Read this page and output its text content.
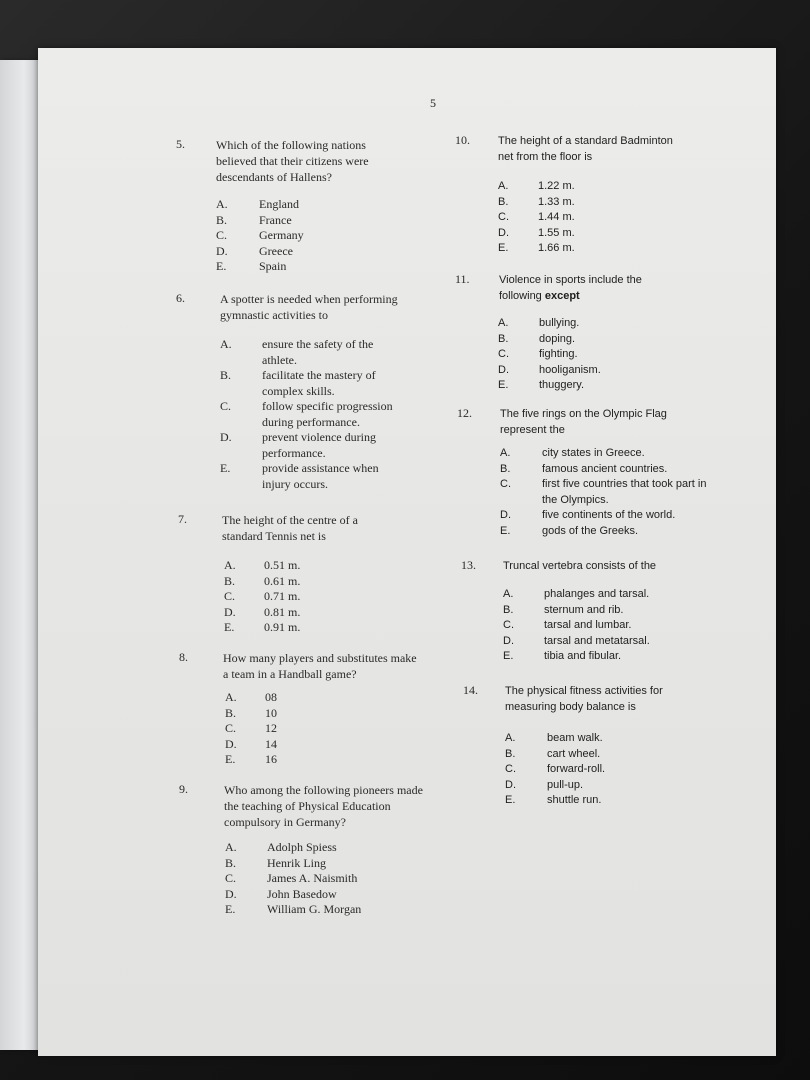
5
5.	Which of the following nations believed that their citizens were descendants of Hallens?
A.	England
B.	France
C.	Germany
D.	Greece
E.	Spain
6.	A spotter is needed when performing gymnastic activities to
A.	ensure the safety of the athlete.
B.	facilitate the mastery of complex skills.
C.	follow specific progression during performance.
D.	prevent violence during performance.
E.	provide assistance when injury occurs.
7.	The height of the centre of a standard Tennis net is
A. 0.51 m.
B. 0.61 m.
C. 0.71 m.
D. 0.81 m.
E. 0.91 m.
8.	How many players and substitutes make a team in a Handball game?
A. 08
B. 10
C. 12
D. 14
E. 16
9.	Who among the following pioneers made the teaching of Physical Education compulsory in Germany?
A.	Adolph Spiess
B.	Henrik Ling
C.	James A. Naismith
D.	John Basedow
E.	William G. Morgan
10.	The height of a standard Badminton net from the floor is
A.	1.22 m.
B.	1.33 m.
C.	1.44 m.
D.	1.55 m.
E.	1.66 m.
11.	Violence in sports include the following except
A.	bullying.
B.	doping.
C.	fighting.
D.	hooliganism.
E.	thuggery.
12.	The five rings on the Olympic Flag represent the
A.	city states in Greece.
B.	famous ancient countries.
C.	first five countries that took part in the Olympics.
D.	five continents of the world.
E.	gods of the Greeks.
13. Truncal vertebra consists of the
A.	phalanges and tarsal.
B.	sternum and rib.
C.	tarsal and lumbar.
D.	tarsal and metatarsal.
E.	tibia and fibular.
14. The physical fitness activities for measuring body balance is
A.	beam walk.
B.	cart wheel.
C.	forward-roll.
D.	pull-up.
E.	shuttle run.
